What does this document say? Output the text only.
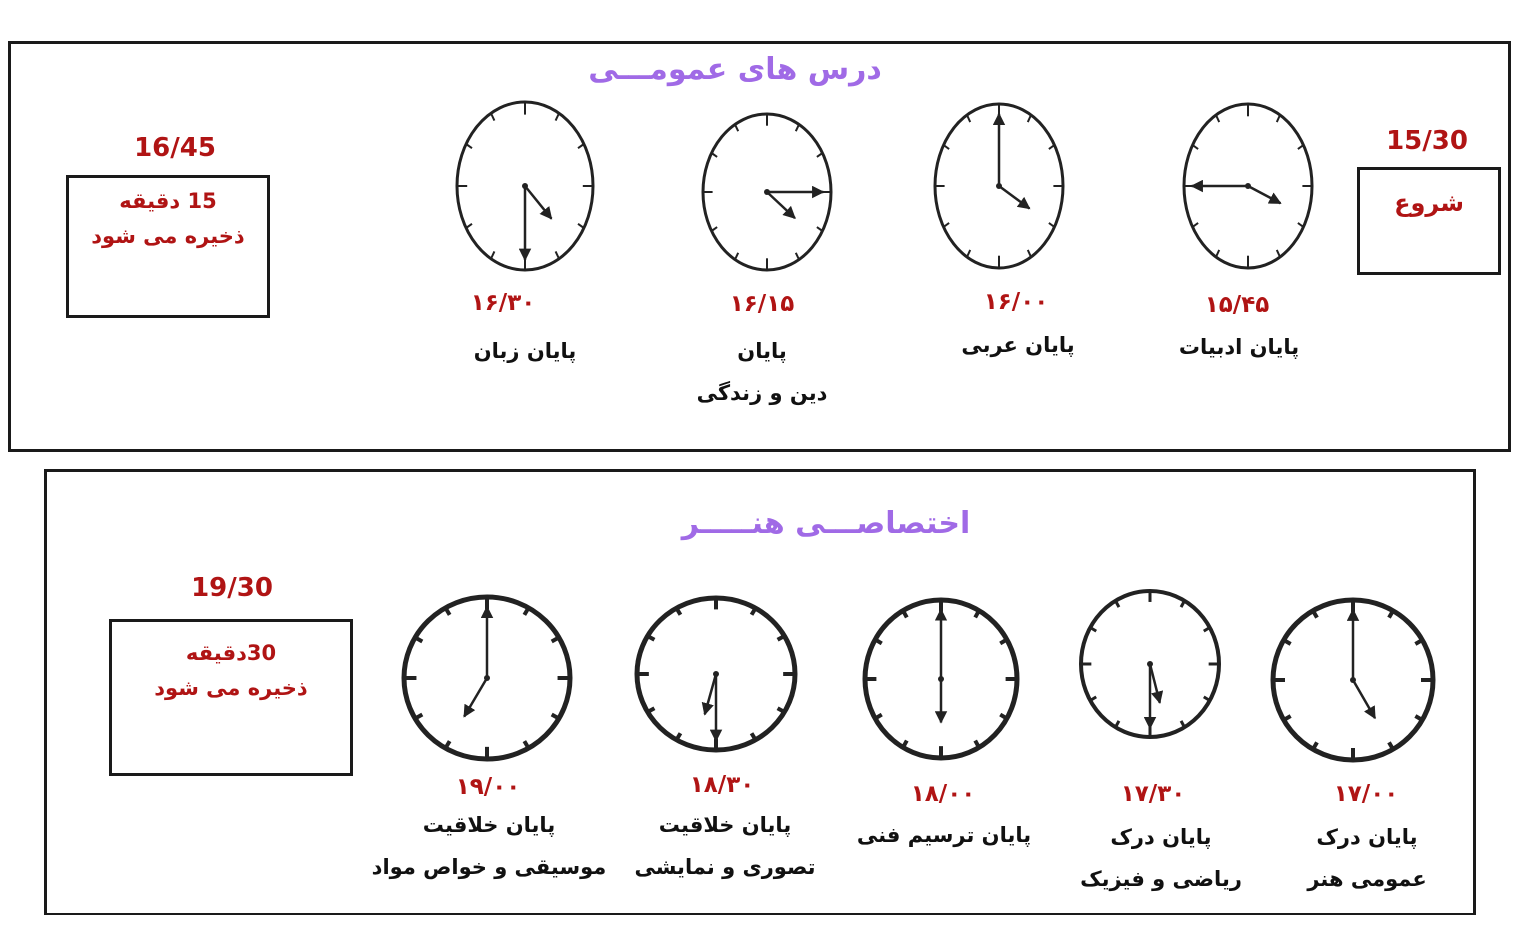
درس های عمومـــی
اختصاصـــی هنـــــر
15/30
شروع
16/45
15 دقیقه
ذخیره می شود
19/30
30دقیقه
ذخیره می شود
۱۵/۴۵
۱۶/۰۰
۱۶/۱۵
۱۶/۳۰
پایان ادبیات
پایان عربی
پایان
دین و زندگی
پایان زبان
۱۷/۰۰
۱۷/۳۰
۱۸/۰۰
۱۸/۳۰
۱۹/۰۰
پایان درک
عمومی هنر
پایان درک
ریاضی و فیزیک
پایان ترسیم فنی
پایان خلاقیت
تصوری و نمایشی
پایان خلاقیت
موسیقی و خواص مواد
